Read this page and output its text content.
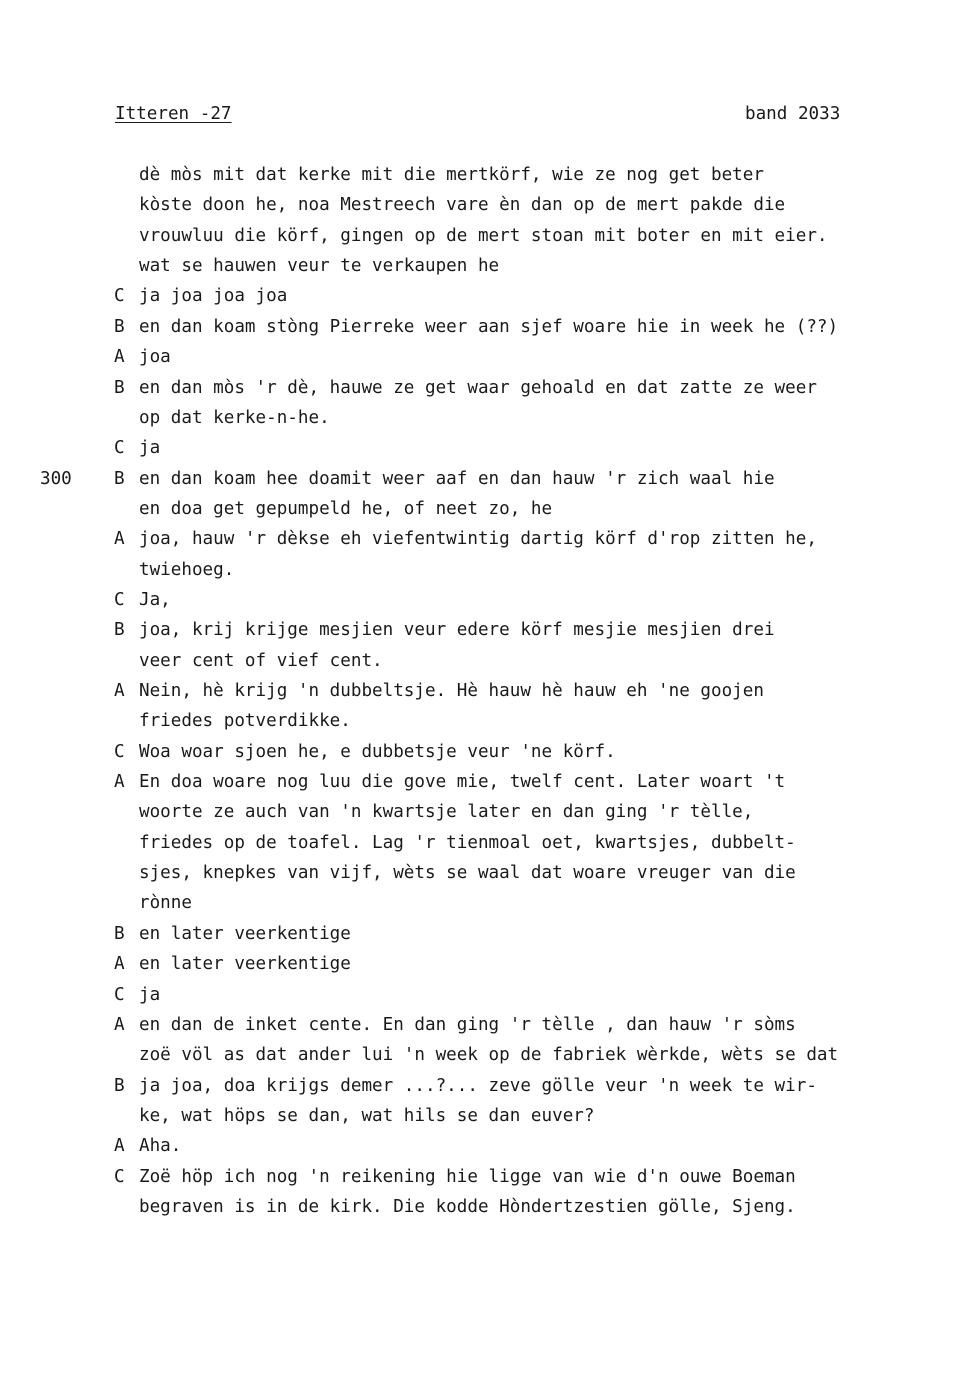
Itteren -27	band 2033
dè mòs mit dat kerke mit die mertkörf, wie ze nog get beter
kòste doon he, noa Mestreech vare èn dan op de mert pakde die
vrouwluu die körf, gingen op de mert stoan mit boter en mit eier.
wat se hauwen veur te verkaupen he
C ja joa joa joa
B en dan koam stòng Pierreke weer aan sjef woare hie in week he (??)
A joa
B en dan mòs 'r dè, hauwe ze get waar gehoald en dat zatte ze weer
op dat kerke-n-he.
C ja
300	B en dan koam hee doamit weer aaf en dan hauw 'r zich waal hie
en doa get gepumpeld he, of neet zo, he
A joa, hauw 'r dèkse eh viefentwintig dartig körf d'rop zitten he,
twiehoeg.
C Ja,
B joa, krij krijge mesjien veur edere körf mesjie mesjien drei
veer cent of vief cent.
A Nein, hè krijg 'n dubbeltsje. Hè hauw hè hauw eh 'ne goojen
friedes potverdikke.
C Woa woar sjoen he, e dubbetsje veur 'ne körf.
A En doa woare nog luu die gove mie, twelf cent. Later woart 't
woorte ze auch van 'n kwartsje later en dan ging 'r tèlle,
friedes op de toafel. Lag 'r tienmoal oet, kwartsjes, dubbelt-
sjes, knepkes van vijf, wèts se waal dat woare vreuger van die
rònne
B en later veerkentige
A en later veerkentige
C ja
A en dan de inket cente. En dan ging 'r tèlle , dan hauw 'r sòms
zoë völ as dat ander lui 'n week op de fabriek wèrkde, wèts se dat
B ja joa, doa krijgs demer ...?... zeve gölle veur 'n week te wir-
ke, wat höps se dan, wat hils se dan euver?
A Aha.
C Zoë höp ich nog 'n reikening hie ligge van wie d'n ouwe Boeman
begraven is in de kirk. Die kodde Hòndertzestien gölle, Sjeng.
